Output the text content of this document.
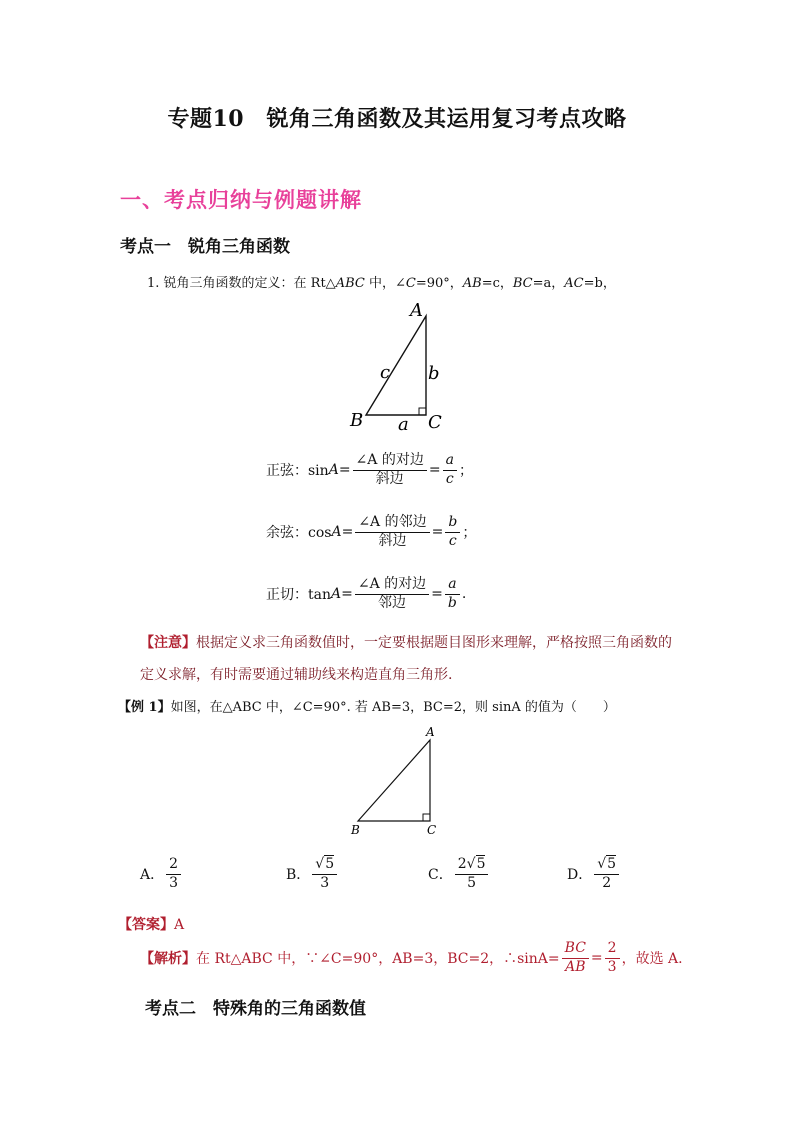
专题10　锐角三角函数及其运用复习考点攻略
一、考点归纳与例题讲解
考点一　锐角三角函数
1. 锐角三角函数的定义：在 Rt△ABC 中，∠C=90°，AB=c，BC=a，AC=b，
A
B	C
a
b
c
正弦：$\sin A = \frac{\text{∠A 的对边}}{\text{斜边}} = \frac{a}{c}$ ；
余弦：$\cos A = \frac{\text{∠A 的邻边}}{\text{斜边}} = \frac{b}{c}$ ；
正切：$\tan A = \frac{\text{∠A 的对边}}{\text{邻边}} = \frac{a}{b}$ .
【注意】根据定义求三角函数值时，一定要根据题目图形来理解，严格按照三角函数的
定义求解，有时需要通过辅助线来构造直角三角形.
【例 1】如图，在△ABC 中，∠C=90°. 若 AB=3，BC=2，则 sinA 的值为（　　）
A
B	C
A． $\frac{2}{3}$	B． $\frac{√5}{3}$	C． $\frac{2√5}{5}$	D． $\frac{√5}{2}$
【答案】A
【解析】 在 Rt△ABC 中，∵∠C=90°，AB=3，BC=2，∴sinA= $\frac{BC}{AB} = \frac{2}{3}$ ，故选 A.
考点二　特殊角的三角函数值
